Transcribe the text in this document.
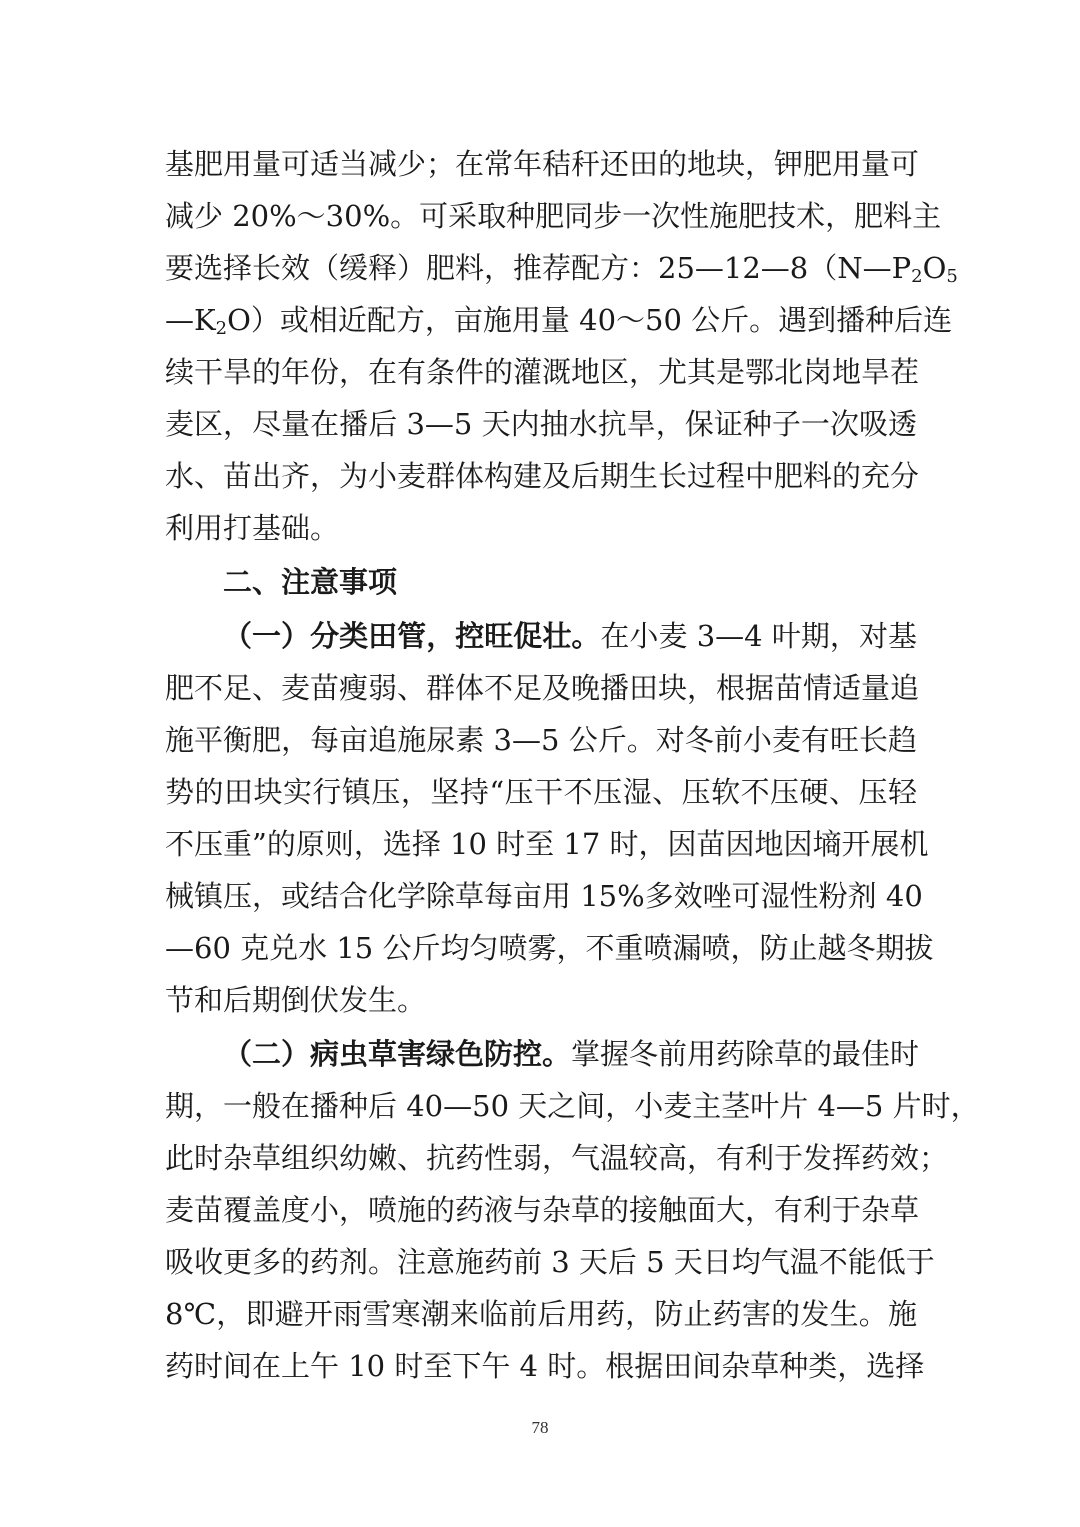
基肥用量可适当减少；在常年秸秆还田的地块，钾肥用量可
减少 20%～30%。可采取种肥同步一次性施肥技术，肥料主
要选择长效（缓释）肥料，推荐配方：$25—12—8(N—P_2O_5$
$—K_2O$）或相近配方，亩施用量 40～50 公斤。遇到播种后连
续干旱的年份，在有条件的灌溉地区，尤其是鄂北岗地旱茬
麦区，尽量在播后 3—5 天内抽水抗旱，保证种子一次吸透
水、苗出齐，为小麦群体构建及后期生长过程中肥料的充分
利用打基础。
二、注意事项
（一）分类田管，控旺促壮。在小麦 3—4 叶期，对基
肥不足、麦苗瘦弱、群体不足及晚播田块，根据苗情适量追
施平衡肥，每亩追施尿素 3—5 公斤。对冬前小麦有旺长趋
势的田块实行镇压，坚持“压干不压湿、压软不压硬、压轻
不压重”的原则，选择 10 时至 17 时，因苗因地因墒开展机
械镇压，或结合化学除草每亩用 15%多效唑可湿性粉剂 40
—60 克兑水 15 公斤均匀喷雾，不重喷漏喷，防止越冬期拔
节和后期倒伏发生。
（二）病虫草害绿色防控。掌握冬前用药除草的最佳时
期，一般在播种后 40—50 天之间，小麦主茎叶片 4—5 片时，
此时杂草组织幼嫩、抗药性弱，气温较高，有利于发挥药效；
麦苗覆盖度小，喷施的药液与杂草的接触面大，有利于杂草
吸收更多的药剂。注意施药前 3 天后 5 天日均气温不能低于
8℃，即避开雨雪寒潮来临前后用药，防止药害的发生。施
药时间在上午 10 时至下午 4 时。根据田间杂草种类，选择
78
